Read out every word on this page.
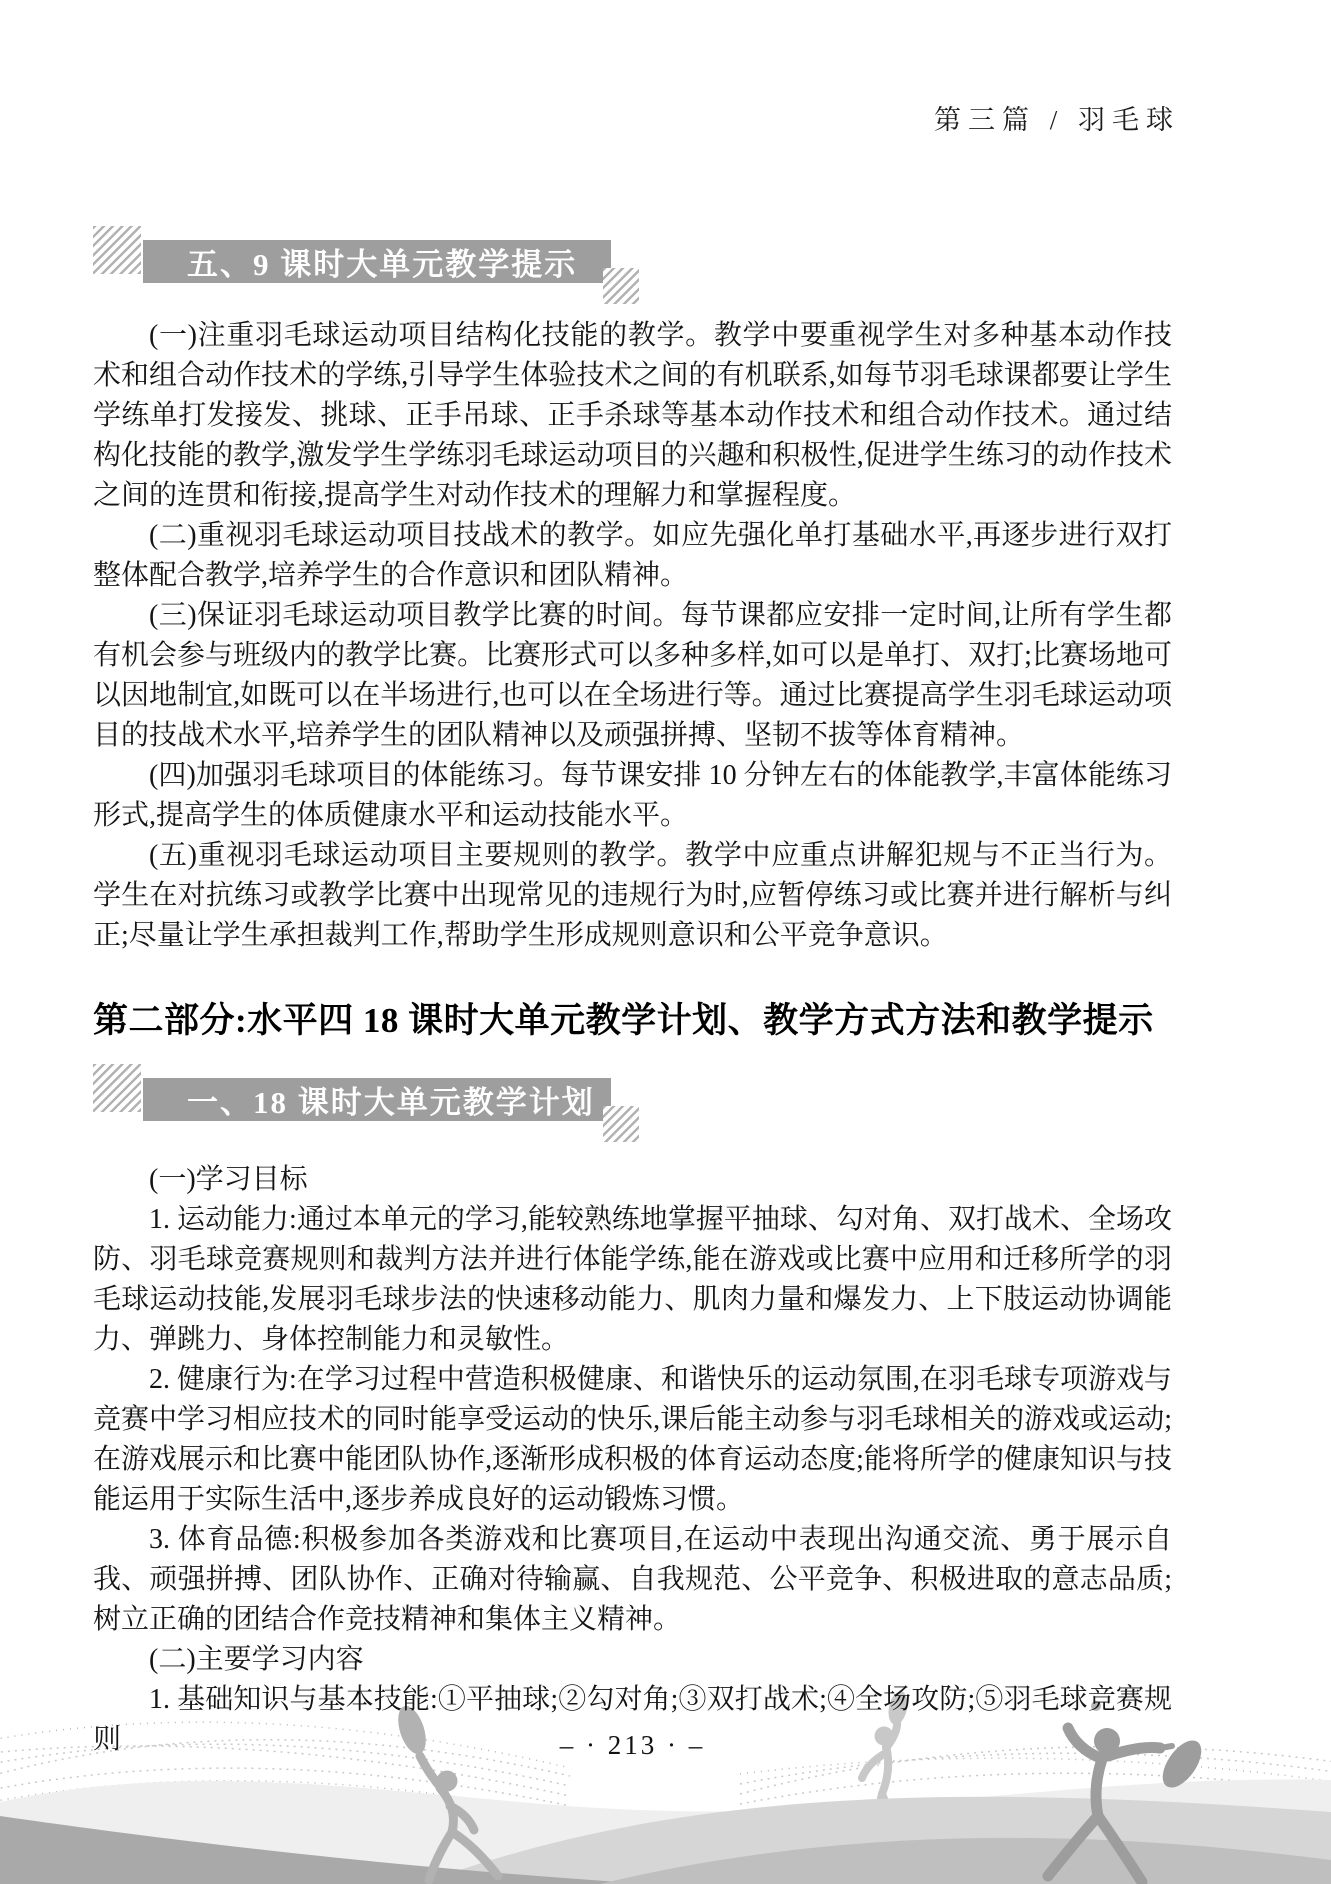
第三篇 / 羽毛球
五、9 课时大单元教学提示

(一)注重羽毛球运动项目结构化技能的教学。教学中要重视学生对多种基本动作技术和组合动作技术的学练,引导学生体验技术之间的有机联系,如每节羽毛球课都要让学生学练单打发接发、挑球、正手吊球、正手杀球等基本动作技术和组合动作技术。通过结构化技能的教学,激发学生学练羽毛球运动项目的兴趣和积极性,促进学生练习的动作技术之间的连贯和衔接,提高学生对动作技术的理解力和掌握程度。

(二)重视羽毛球运动项目技战术的教学。如应先强化单打基础水平,再逐步进行双打整体配合教学,培养学生的合作意识和团队精神。

(三)保证羽毛球运动项目教学比赛的时间。每节课都应安排一定时间,让所有学生都有机会参与班级内的教学比赛。比赛形式可以多种多样,如可以是单打、双打;比赛场地可以因地制宜,如既可以在半场进行,也可以在全场进行等。通过比赛提高学生羽毛球运动项目的技战术水平,培养学生的团队精神以及顽强拼搏、坚韧不拔等体育精神。

(四)加强羽毛球项目的体能练习。每节课安排 10 分钟左右的体能教学,丰富体能练习形式,提高学生的体质健康水平和运动技能水平。

(五)重视羽毛球运动项目主要规则的教学。教学中应重点讲解犯规与不正当行为。学生在对抗练习或教学比赛中出现常见的违规行为时,应暂停练习或比赛并进行解析与纠正;尽量让学生承担裁判工作,帮助学生形成规则意识和公平竞争意识。

第二部分:水平四 18 课时大单元教学计划、教学方式方法和教学提示
一、18 课时大单元教学计划

(一)学习目标

1. 运动能力:通过本单元的学习,能较熟练地掌握平抽球、勾对角、双打战术、全场攻防、羽毛球竞赛规则和裁判方法并进行体能学练,能在游戏或比赛中应用和迁移所学的羽毛球运动技能,发展羽毛球步法的快速移动能力、肌肉力量和爆发力、上下肢运动协调能力、弹跳力、身体控制能力和灵敏性。

2. 健康行为:在学习过程中营造积极健康、和谐快乐的运动氛围,在羽毛球专项游戏与竞赛中学习相应技术的同时能享受运动的快乐,课后能主动参与羽毛球相关的游戏或运动;在游戏展示和比赛中能团队协作,逐渐形成积极的体育运动态度;能将所学的健康知识与技能运用于实际生活中,逐步养成良好的运动锻炼习惯。

3. 体育品德:积极参加各类游戏和比赛项目,在运动中表现出沟通交流、勇于展示自我、顽强拼搏、团队协作、正确对待输赢、自我规范、公平竞争、积极进取的意志品质;树立正确的团结合作竞技精神和集体主义精神。

(二)主要学习内容

1. 基础知识与基本技能:①平抽球;②勾对角;③双打战术;④全场攻防;⑤羽毛球竞赛规则	– · 213 · –
